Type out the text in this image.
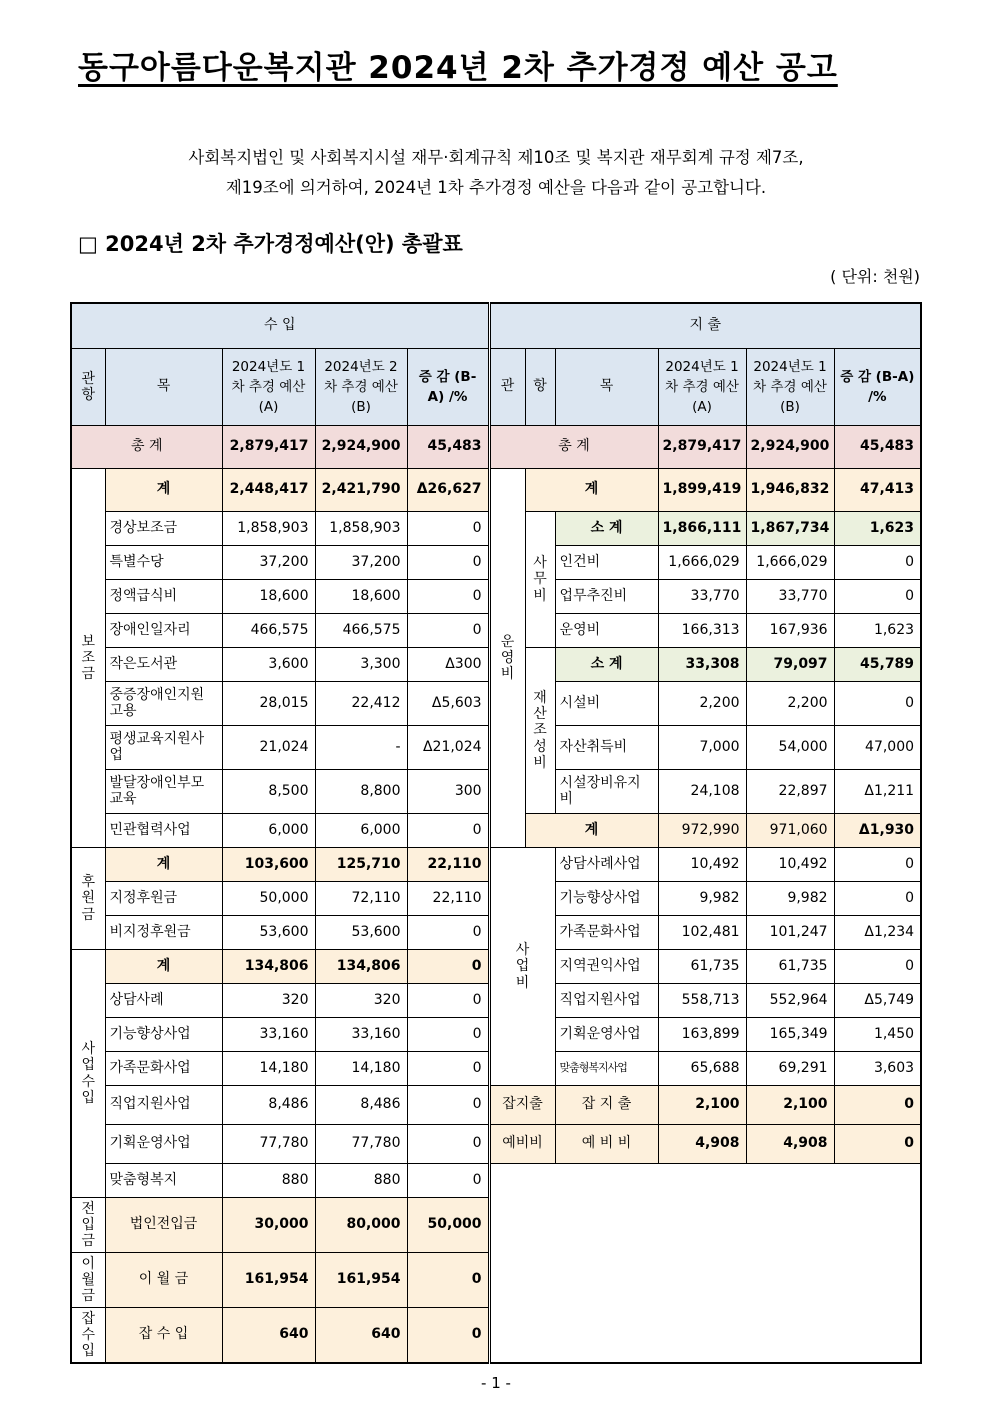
동구아름다운복지관 2024년 2차 추가경정 예산 공고
사회복지법인 및 사회복지시설 재무‧회계규칙 제10조 및 복지관 재무회계 규정 제7조,
제19조에 의거하여, 2024년 1차 추가경정 예산을 다음과 같이 공고합니다.
□ 2024년 2차 추가경정예산(안) 총괄표
( 단위: 천원)
수 입					지 출					

관항	목	2024년도 1차 추경 예산(A)	2024년도 2차 추경 예산(B)	증 감 (B-A) /%	관	항	목	2024년도 1차 추경 예산(A)	2024년도 1차 추경 예산(B)	증 감 (B-A) /%
총 계		2,879,417	2,924,900	45,483	총 계			2,879,417	2,924,900	45,483

보조금	계	2,448,417	2,421,790	Δ26,627	운영비	계		1,899,419	1,946,832	47,413
	경상보조금	1,858,903	1,858,903	0		사무비	소 계	1,866,111	1,867,734	1,623
	특별수당	37,200	37,200	0			인건비	1,666,029	1,666,029	0
	정액급식비	18,600	18,600	0			업무추진비	33,770	33,770	0
	장애인일자리	466,575	466,575	0			운영비	166,313	167,936	1,623
	작은도서관	3,600	3,300	Δ300		재산조성비	소 계	33,308	79,097	45,789
	중증장애인지원고용	28,015	22,412	Δ5,603			시설비	2,200	2,200	0
	평생교육지원사업	21,024	-	Δ21,024			자산취득비	7,000	54,000	47,000
	발달장애인부모교육	8,500	8,800	300			시설장비유지비	24,108	22,897	Δ1,211
	민관협력사업	6,000	6,000	0		계		972,990	971,060	Δ1,930

후원금	계	103,600	125,710	22,110	사업비		상담사례사업	10,492	10,492	0
	지정후원금	50,000	72,110	22,110			기능향상사업	9,982	9,982	0
	비지정후원금	53,600	53,600	0			가족문화사업	102,481	101,247	Δ1,234

사업수입	계	134,806	134,806	0			지역권익사업	61,735	61,735	0
	상담사례	320	320	0			직업지원사업	558,713	552,964	Δ5,749
	기능향상사업	33,160	33,160	0			기획운영사업	163,899	165,349	1,450
	가족문화사업	14,180	14,180	0			맞춤형복지사업	65,688	69,291	3,603
	직업지원사업	8,486	8,486	0	잡지출		잡 지 출	2,100	2,100	0
	기획운영사업	77,780	77,780	0	예비비		예 비 비	4,908	4,908	0
	맞춤형복지	880	880	0						

전입금	법인전입금	30,000	80,000	50,000						

이월금	이 월 금	161,954	161,954	0						

잡수입	잡 수 입	640	640	0						
- 1 -
